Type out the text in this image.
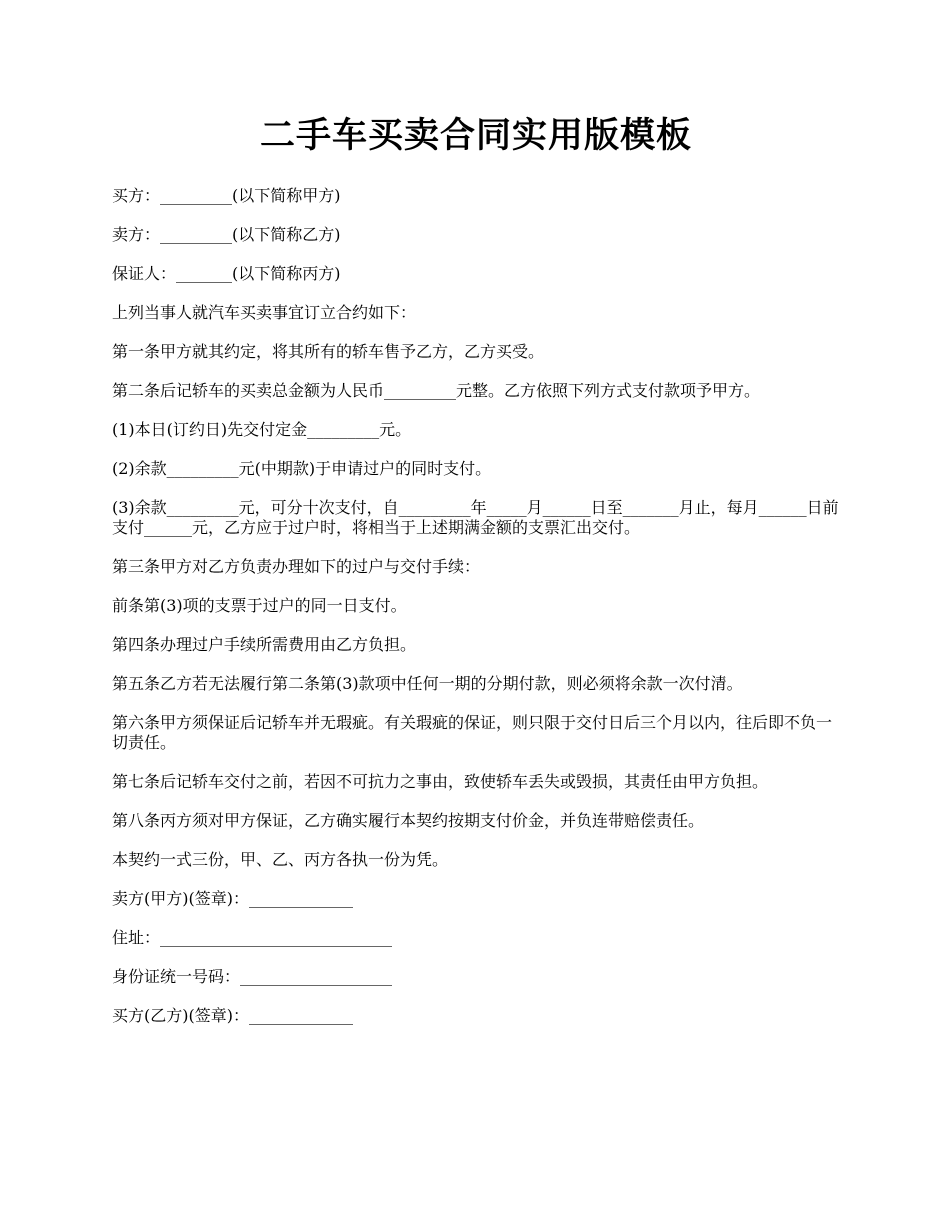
二手车买卖合同实用版模板

买方：_________(以下简称甲方)

卖方：_________(以下简称乙方)

保证人：_______(以下简称丙方)

上列当事人就汽车买卖事宜订立合约如下：

第一条甲方就其约定，将其所有的轿车售予乙方，乙方买受。

第二条后记轿车的买卖总金额为人民币_________元整。乙方依照下列方式支付款项予甲方。

(1)本日(订约日)先交付定金_________元。

(2)余款_________元(中期款)于申请过户的同时支付。

(3)余款_________元，可分十次支付，自_________年_____月______日至_______月止，每月______日前支付______元，乙方应于过户时，将相当于上述期满金额的支票汇出交付。

第三条甲方对乙方负责办理如下的过户与交付手续：

前条第(3)项的支票于过户的同一日支付。

第四条办理过户手续所需费用由乙方负担。

第五条乙方若无法履行第二条第(3)款项中任何一期的分期付款，则必须将余款一次付清。

第六条甲方须保证后记轿车并无瑕疵。有关瑕疵的保证，则只限于交付日后三个月以内，往后即不负一切责任。

第七条后记轿车交付之前，若因不可抗力之事由，致使轿车丢失或毁损，其责任由甲方负担。

第八条丙方须对甲方保证，乙方确实履行本契约按期支付价金，并负连带赔偿责任。

本契约一式三份，甲、乙、丙方各执一份为凭。

卖方(甲方)(签章)：_____________

住址：_____________________________

身份证统一号码：___________________

买方(乙方)(签章)：_____________
